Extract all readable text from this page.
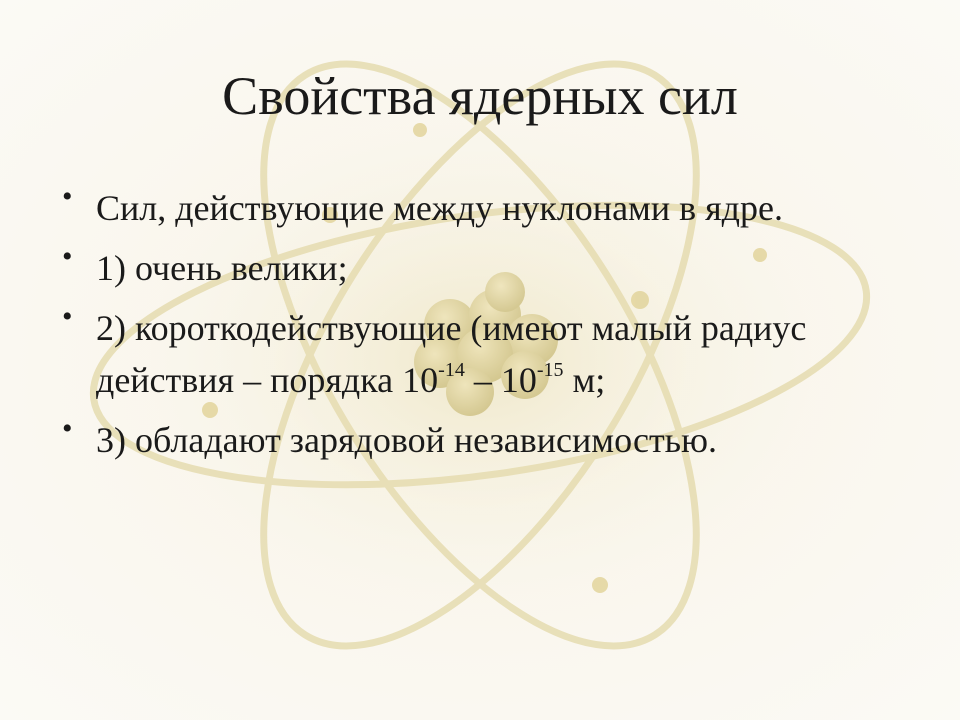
Свойства ядерных сил
• Сил, действующие между нуклонами в ядре.
• 1) очень велики;
• 2) короткодействующие (имеют малый радиус действия – порядка $10^{-14} - 10^{-15}$ м;
• 3) обладают зарядовой независимостью.
